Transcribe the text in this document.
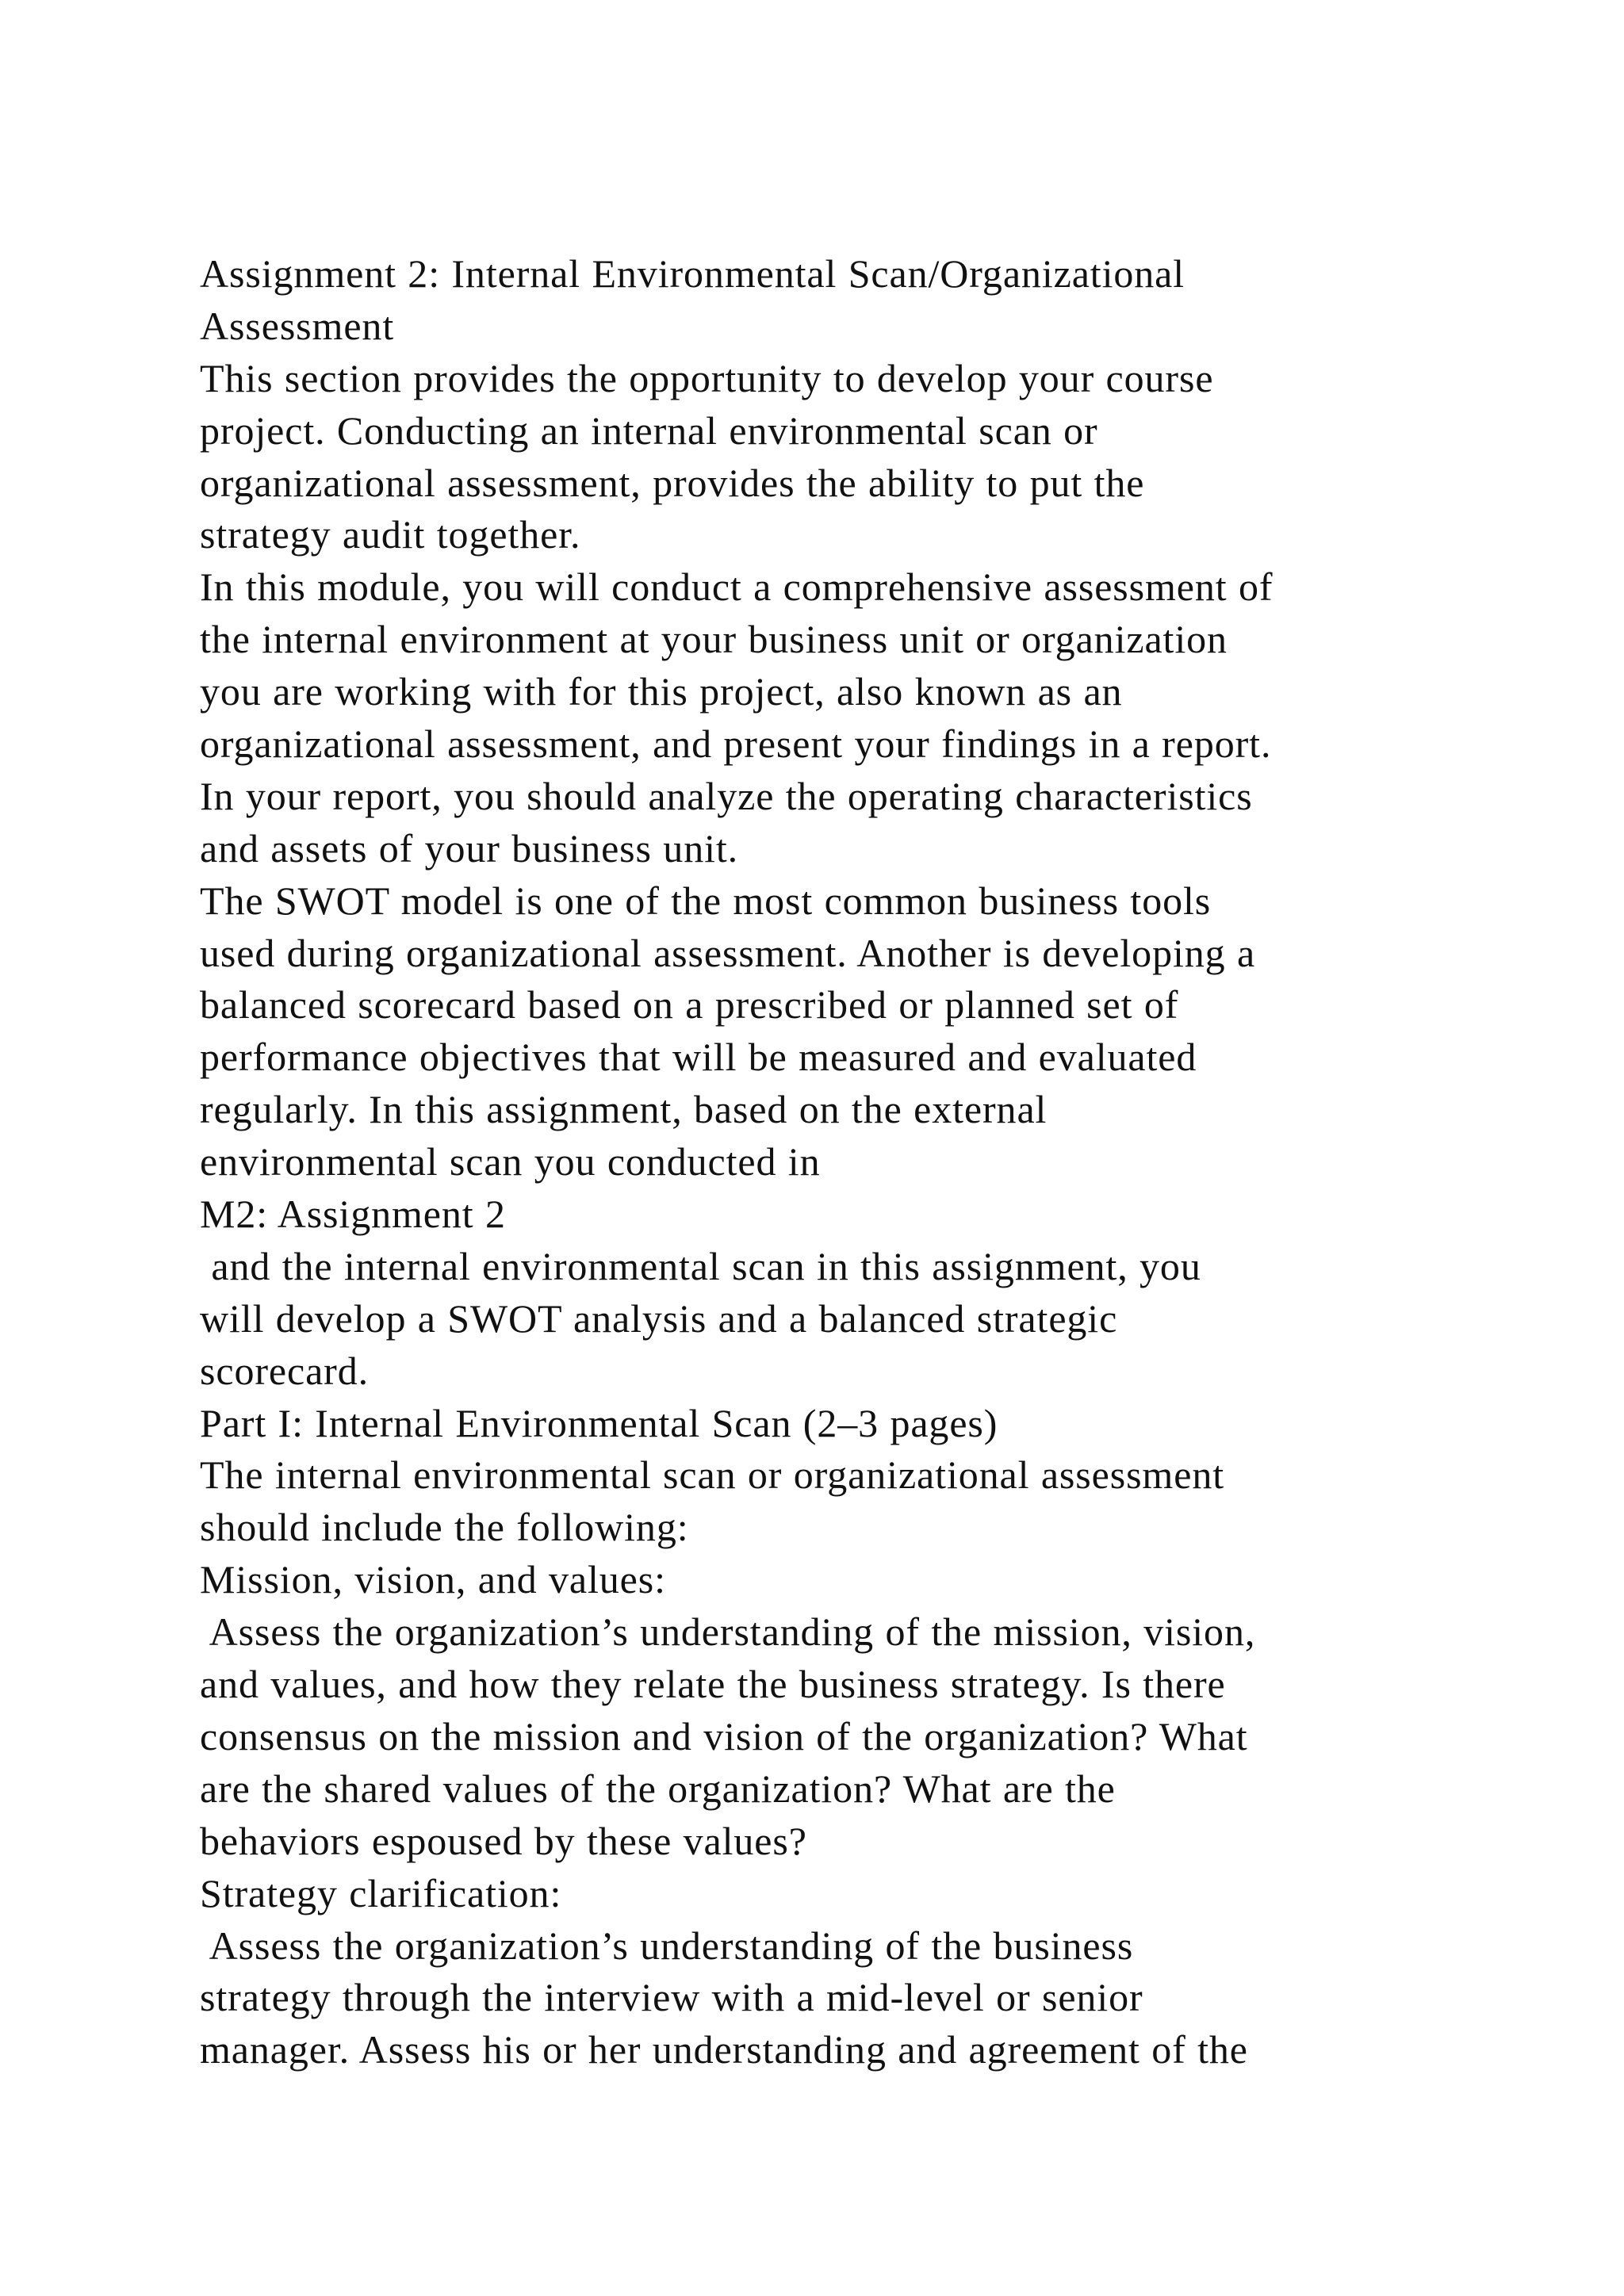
Assignment 2: Internal Environmental Scan/Organizational
Assessment
This section provides the opportunity to develop your course
project. Conducting an internal environmental scan or
organizational assessment, provides the ability to put the
strategy audit together.
In this module, you will conduct a comprehensive assessment of
the internal environment at your business unit or organization
you are working with for this project, also known as an
organizational assessment, and present your findings in a report.
In your report, you should analyze the operating characteristics
and assets of your business unit.
The SWOT model is one of the most common business tools
used during organizational assessment. Another is developing a
balanced scorecard based on a prescribed or planned set of
performance objectives that will be measured and evaluated
regularly. In this assignment, based on the external
environmental scan you conducted in
M2: Assignment 2
and the internal environmental scan in this assignment, you
will develop a SWOT analysis and a balanced strategic
scorecard.
Part I: Internal Environmental Scan (2–3 pages)
The internal environmental scan or organizational assessment
should include the following:
Mission, vision, and values:
Assess the organization’s understanding of the mission, vision,
and values, and how they relate the business strategy. Is there
consensus on the mission and vision of the organization? What
are the shared values of the organization? What are the
behaviors espoused by these values?
Strategy clarification:
Assess the organization’s understanding of the business
strategy through the interview with a mid-level or senior
manager. Assess his or her understanding and agreement of the
